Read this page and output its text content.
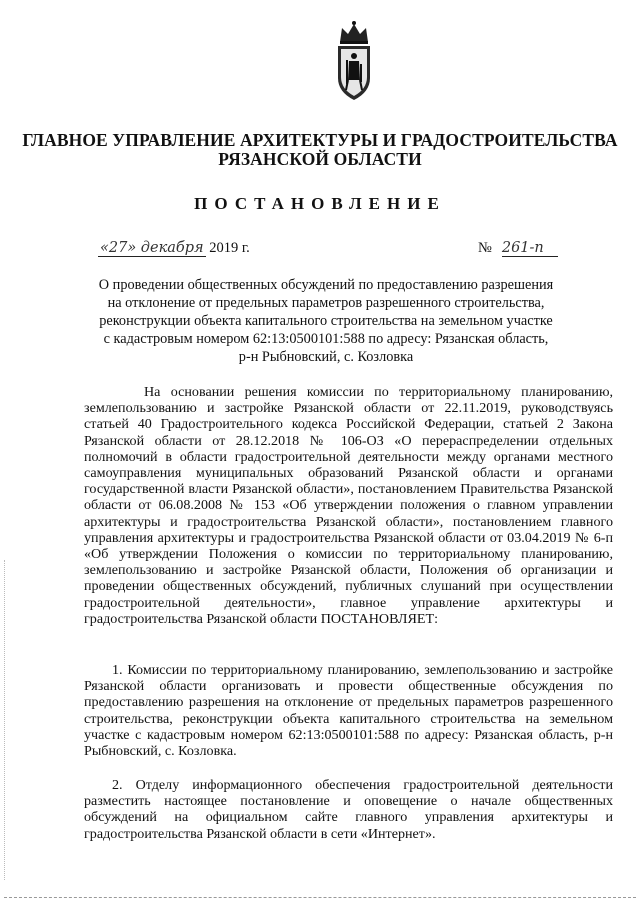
ГЛАВНОЕ УПРАВЛЕНИЕ АРХИТЕКТУРЫ И ГРАДОСТРОИТЕЛЬСТВА
РЯЗАНСКОЙ ОБЛАСТИ
ПОСТАНОВЛЕНИЕ
«27» декабря 2019 г.	№ 261-п
О проведении общественных обсуждений по предоставлению разрешения
на отклонение от предельных параметров разрешенного строительства,
реконструкции объекта капитального строительства на земельном участке
с кадастровым номером 62:13:0500101:588 по адресу: Рязанская область,
р-н Рыбновский, с. Козловка
На основании решения комиссии по территориальному планированию, землепользованию и застройке Рязанской области от 22.11.2019, руководствуясь статьей 40 Градостроительного кодекса Российской Федерации, статьей 2 Закона Рязанской области от 28.12.2018 № 106-ОЗ «О перераспределении отдельных полномочий в области градостроительной деятельности между органами местного самоуправления муниципальных образований Рязанской области и органами государственной власти Рязанской области», постановлением Правительства Рязанской области от 06.08.2008 № 153 «Об утверждении положения о главном управлении архитектуры и градостроительства Рязанской области», постановлением главного управления архитектуры и градостроительства Рязанской области от 03.04.2019 № 6-п «Об утверждении Положения о комиссии по территориальному планированию, землепользованию и застройке Рязанской области, Положения об организации и проведении общественных обсуждений, публичных слушаний при осуществлении градостроительной деятельности», главное управление архитектуры и градостроительства Рязанской области ПОСТАНОВЛЯЕТ:
1. Комиссии по территориальному планированию, землепользованию и застройке Рязанской области организовать и провести общественные обсуждения по предоставлению разрешения на отклонение от предельных параметров разрешенного строительства, реконструкции объекта капитального строительства на земельном участке с кадастровым номером 62:13:0500101:588 по адресу: Рязанская область, р-н Рыбновский, с. Козловка.
2. Отделу информационного обеспечения градостроительной деятельности разместить настоящее постановление и оповещение о начале общественных обсуждений на официальном сайте главного управления архитектуры и градостроительства Рязанской области в сети «Интернет».
